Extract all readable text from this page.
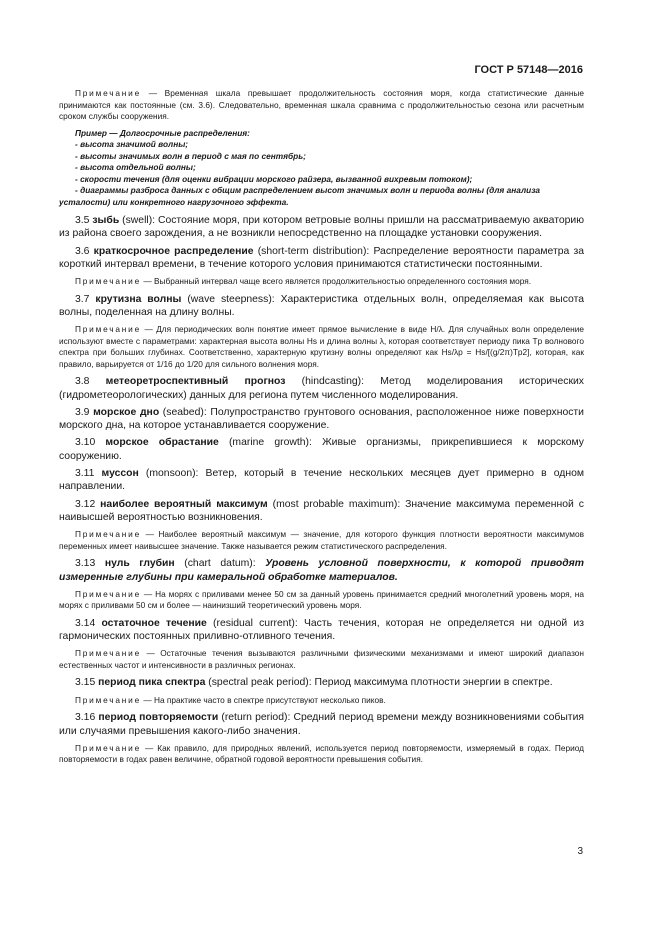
ГОСТ Р 57148—2016

Примечание — Временная шкала превышает продолжительность состояния моря, когда статистические данные принимаются как постоянные (см. 3.6). Следовательно, временная шкала сравнима с продолжительностью сезона или расчетным сроком службы сооружения.

Пример — Долгосрочные распределения:
- высота значимой волны;
- высоты значимых волн в период с мая по сентябрь;
- высота отдельной волны;
- скорости течения (для оценки вибрации морского райзера, вызванной вихревым потоком);
- диаграммы разброса данных с общим распределением высот значимых волн и периода волны (для анализа усталости) или конкретного нагрузочного эффекта.

3.5 зыбь (swell): Состояние моря, при котором ветровые волны пришли на рассматриваемую акваторию из района своего зарождения, а не возникли непосредственно на площадке установки сооружения.

3.6 краткосрочное распределение (short-term distribution): Распределение вероятности параметра за короткий интервал времени, в течение которого условия принимаются статистически постоянными.

Примечание — Выбранный интервал чаще всего является продолжительностью определенного состояния моря.

3.7 крутизна волны (wave steepness): Характеристика отдельных волн, определяемая как высота волны, поделенная на длину волны.

Примечание — Для периодических волн понятие имеет прямое вычисление в виде H/λ. Для случайных волн определение используют вместе с параметрами: характерная высота волны Hs и длина волны λ, которая соответствует периоду пика Tp волнового спектра при больших глубинах. Соответственно, характерную крутизну волны определяют как Hs/λp = Hs/[(g/2π)Tp2], которая, как правило, варьируется от 1/16 до 1/20 для сильного волнения моря.

3.8 метеоретроспективный прогноз (hindcasting): Метод моделирования исторических (гидрометеорологических) данных для региона путем численного моделирования.

3.9 морское дно (seabed): Полупространство грунтового основания, расположенное ниже поверхности морского дна, на которое устанавливается сооружение.

3.10 морское обрастание (marine growth): Живые организмы, прикрепившиеся к морскому сооружению.

3.11 муссон (monsoon): Ветер, который в течение нескольких месяцев дует примерно в одном направлении.

3.12 наиболее вероятный максимум (most probable maximum): Значение максимума переменной с наивысшей вероятностью возникновения.

Примечание — Наиболее вероятный максимум — значение, для которого функция плотности вероятности максимумов переменных имеет наивысшее значение. Также называется режим статистического распределения.

3.13 нуль глубин (chart datum): Уровень условной поверхности, к которой приводят измеренные глубины при камеральной обработке материалов.

Примечание — На морях с приливами менее 50 см за данный уровень принимается средний многолетний уровень моря, на морях с приливами 50 см и более — наинизший теоретический уровень моря.

3.14 остаточное течение (residual current): Часть течения, которая не определяется ни одной из гармонических постоянных приливно-отливного течения.

Примечание — Остаточные течения вызываются различными физическими механизмами и имеют широкий диапазон естественных частот и интенсивности в различных регионах.

3.15 период пика спектра (spectral peak period): Период максимума плотности энергии в спектре.

Примечание — На практике часто в спектре присутствуют несколько пиков.

3.16 период повторяемости (return period): Средний период времени между возникновениями события или случаями превышения какого-либо значения.

Примечание — Как правило, для природных явлений, используется период повторяемости, измеряемый в годах. Период повторяемости в годах равен величине, обратной годовой вероятности превышения события.

3
